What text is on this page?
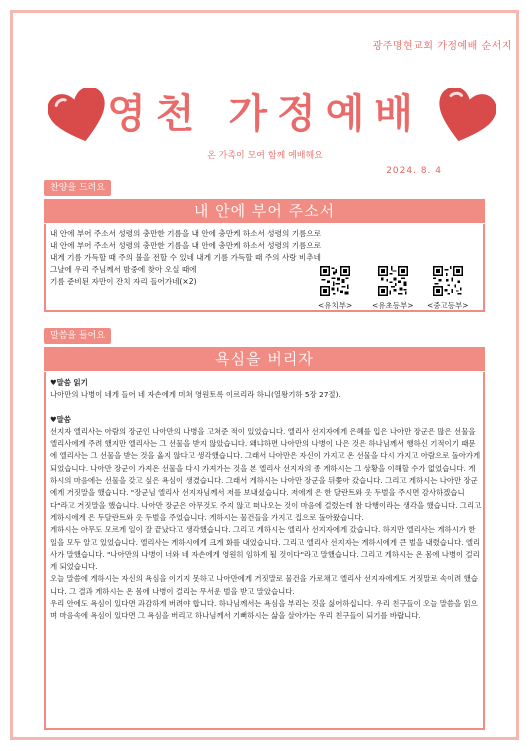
광주명현교회 가정예배 순서지
영천 가정예배
온 가족이 모여 함께 예배해요
2024. 8. 4
찬양을 드려요
내 안에 부어 주소서
내 안에 부어 주소서 성령의 충만한 기름을 내 안에 충만케 하소서 성령의 기름으로
내 안에 부어 주소서 성령의 충만한 기름을 내 안에 충만케 하소서 성령의 기름으로
내게 기름 가득할 때 주의 불을 전할 수 있네 내게 기름 가득할 때 주의 사랑 비추네
그날에 우리 주님께서 밤중에 찾아 오실 때에
기름 준비된 자만이 잔치 자리 들어가네(×2)
<유치부>	<유초등부> <중고등부>
말씀을 들어요
욕심을 버리자

♥말씀 읽기

나아만의 나병이 네게 들어 네 자손에게 미쳐 영원토록 이르리라 하니(열왕기하 5장 27절).

♥말씀

선지자 엘리사는 아람의 장군인 나아만의 나병을 고쳐준 적이 있었습니다. 엘리사 선지자에게 은혜를 입은 나아만 장군은 많은 선물을 엘리사에게 주려 했지만 엘리사는 그 선물을 받지 않았습니다. 왜냐하면 나아만의 나병이 나은 것은 하나님께서 행하신 기적이기 때문에 엘리사는 그 선물을 받는 것을 옳지 않다고 생각했습니다. 그래서 나아만은 자신이 가지고 온 선물을 다시 가지고 아람으로 돌아가게 되었습니다. 나아만 장군이 가져온 선물을 다시 가져가는 것을 본 엘리사 선지자의 종 게하시는 그 상황을 이해할 수가 없었습니다. 게하시의 마음에는 선물을 갖고 싶은 욕심이 생겼습니다. 그래서 게하시는 나아만 장군을 뒤쫓아 갔습니다. 그리고 게하시는 나아만 장군에게 거짓말을 했습니다. "장군님 엘리사 선지자님께서 저를 보내셨습니다. 저에게 은 한 달란트와 옷 두벌을 주시면 감사하겠습니다"라고 거짓말을 했습니다. 나아만 장군은 아무것도 주지 않고 떠나오는 것이 마음에 걸렸는데 참 다행이라는 생각을 했습니다. 그리고 게하시에게 은 두달란트와 옷 두벌을 주었습니다. 게하시는 물건들을 가지고 집으로 돌아왔습니다.

게하시는 아무도 모르게 일이 잘 끝났다고 생각했습니다. 그리고 게하시는 엘리사 선지자에게 갔습니다. 하지만 엘리사는 게하시가 한 일을 모두 알고 있었습니다. 엘리사는 게하시에게 크게 화를 내었습니다. 그리고 엘리사 선지자는 게하시에게 큰 벌을 내렸습니다. 엘리사가 말했습니다. "나아만의 나병이 너와 네 자손에게 영원히 임하게 될 것이다"라고 말했습니다. 그리고 게하시는 온 몸에 나병이 걸리게 되었습니다.

오늘 말씀에 게하시는 자신의 욕심을 이기지 못하고 나아만에게 거짓말로 물건을 가로채고 엘리사 선지자에게도 거짓말로 속이려 했습니다. 그 결과 게하시는 온 몸에 나병이 걸리는 무서운 벌을 받고 말았습니다.

우리 안에도 욕심이 있다면 과감하게 버려야 합니다. 하나님께서는 욕심을 부리는 것을 싫어하십니다. 우리 친구들이 오늘 말씀을 읽으며 마음속에 욕심이 있다면 그 욕심을 버리고 하나님께서 기뻐하시는 삶을 살아가는 우리 친구들이 되기를 바랍니다.
